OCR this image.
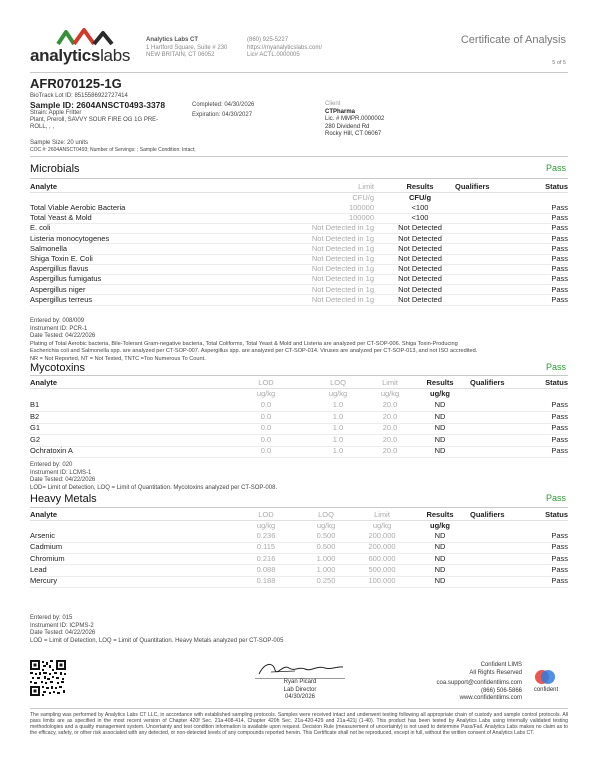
analyticslabs
Analytics Labs CT
1 Hartford Square, Suite # 230
NEW BRITAIN, CT 06052
(860) 925-5227
https://myanalyticslabs.com/
Lic# ACTL.0000005
Certificate of Analysis
5 of 5
AFR070125-1G
BioTrack Lot ID: 8515586922727414
Sample ID: 2604ANSCT0493-3378	Completed: 04/30/2026
Strain: Apple Fritter	Expiration: 04/30/2027
Plant, Preroll, SAVVY SOUR FIRE OG 1G PRE-
ROLL, , ,
Client
CTPharma
Lic. # MMPR.0000002
280 Dividend Rd
Rocky Hill, CT 06067
Sample Size: 20 units
COC #: 2604ANSCT0493; Number of Servings: ; Sample Condition: Intact;
Microbials	Pass
Analyte	Limit	Results	Qualifiers	Status
CFU/g	CFU/g
Total Viable Aerobic Bacteria	100000	<100	Pass
Total Yeast & Mold	100000	<100	Pass
E. coli	Not Detected in 1g	Not Detected	Pass
Listeria monocytogenes	Not Detected in 1g	Not Detected	Pass
Salmonella	Not Detected in 1g	Not Detected	Pass
Shiga Toxin E. Coli	Not Detected in 1g	Not Detected	Pass
Aspergillus flavus	Not Detected in 1g	Not Detected	Pass
Aspergillus fumigatus	Not Detected in 1g	Not Detected	Pass
Aspergillus niger	Not Detected in 1g	Not Detected	Pass
Aspergillus terreus	Not Detected in 1g	Not Detected	Pass
Entered by: 008/009
Instrument ID: PCR-1
Date Tested: 04/22/2026
Plating of Total Aerobic bacteria, Bile-Tolerant Gram-negative bacteria, Total Coliforms, Total Yeast & Mold and Listeria are analyzed per CT-SOP-006. Shiga Toxin-Producing
Escherichia coli and Salmonella spp. are analyzed per CT-SOP-007. Aspergillus spp. are analyzed per CT-SOP-014. Viruses are analyzed per CT-SOP-013, and not ISO accredited.
NR = Not Reported, NT = Not Tested, TNTC =Too Numerous To Count.
Mycotoxins	Pass
Analyte	LOD	LOQ	Limit	Results	Qualifiers	Status
ug/kg	ug/kg	ug/kg	ug/kg
B1	0.0	1.0	20.0	ND	Pass
B2	0.0	1.0	20.0	ND	Pass
G1	0.0	1.0	20.0	ND	Pass
G2	0.0	1.0	20.0	ND	Pass
Ochratoxin A	0.0	1.0	20.0	ND	Pass
Entered by: 020
Instrument ID: LCMS-1
Date Tested: 04/22/2026
LOD= Limit of Detection, LOQ = Limit of Quantitation. Mycotoxins analyzed per CT-SOP-008.
Heavy Metals	Pass
Analyte	LOD	LOQ	Limit	Results	Qualifiers	Status
ug/kg	ug/kg	ug/kg	ug/kg
Arsenic	0.236	0.500	200.000	ND	Pass
Cadmium	0.115	0.500	200.000	ND	Pass
Chromium	0.216	1.000	600.000	ND	Pass
Lead	0.088	1.000	500.000	ND	Pass
Mercury	0.188	0.250	100.000	ND	Pass
Entered by: 015
Instrument ID: ICPMS-2
Date Tested: 04/22/2026
LOD = Limit of Detection, LOQ = Limit of Quantitation. Heavy Metals analyzed per CT-SOP-005
Ryan Picard
Lab Director
04/30/2026
Confident LIMS
All Rights Reserved
coa.support@confidentlims.com
(866) 506-5866
www.confidentlims.com
confident
The sampling was performed by Analytics Labs CT LLC, in accordance with established sampling protocols. Samples were received intact and underwent testing following all appropriate chain of custody and sample control protocols. All pass limits are as specified in the most recent version of Chapter 420f Sec. 21a-408-414, Chapter 420h Sec. 21a-420-429 and 21a-421j (1-40). This product has been tested by Analytics Labs using internally validated testing methodologies and a quality management system. Uncertainty and test condition information is available upon request. Decision Rule (measurement of uncertainty) is not used to determine Pass/Fail. Analytics Labs makes no claim as to the efficacy, safety, or other risk associated with any detected, or non-detected levels of any compounds reported herein. This Certificate shall not be reproduced, except in full, without the written consent of Analytics Labs CT.
